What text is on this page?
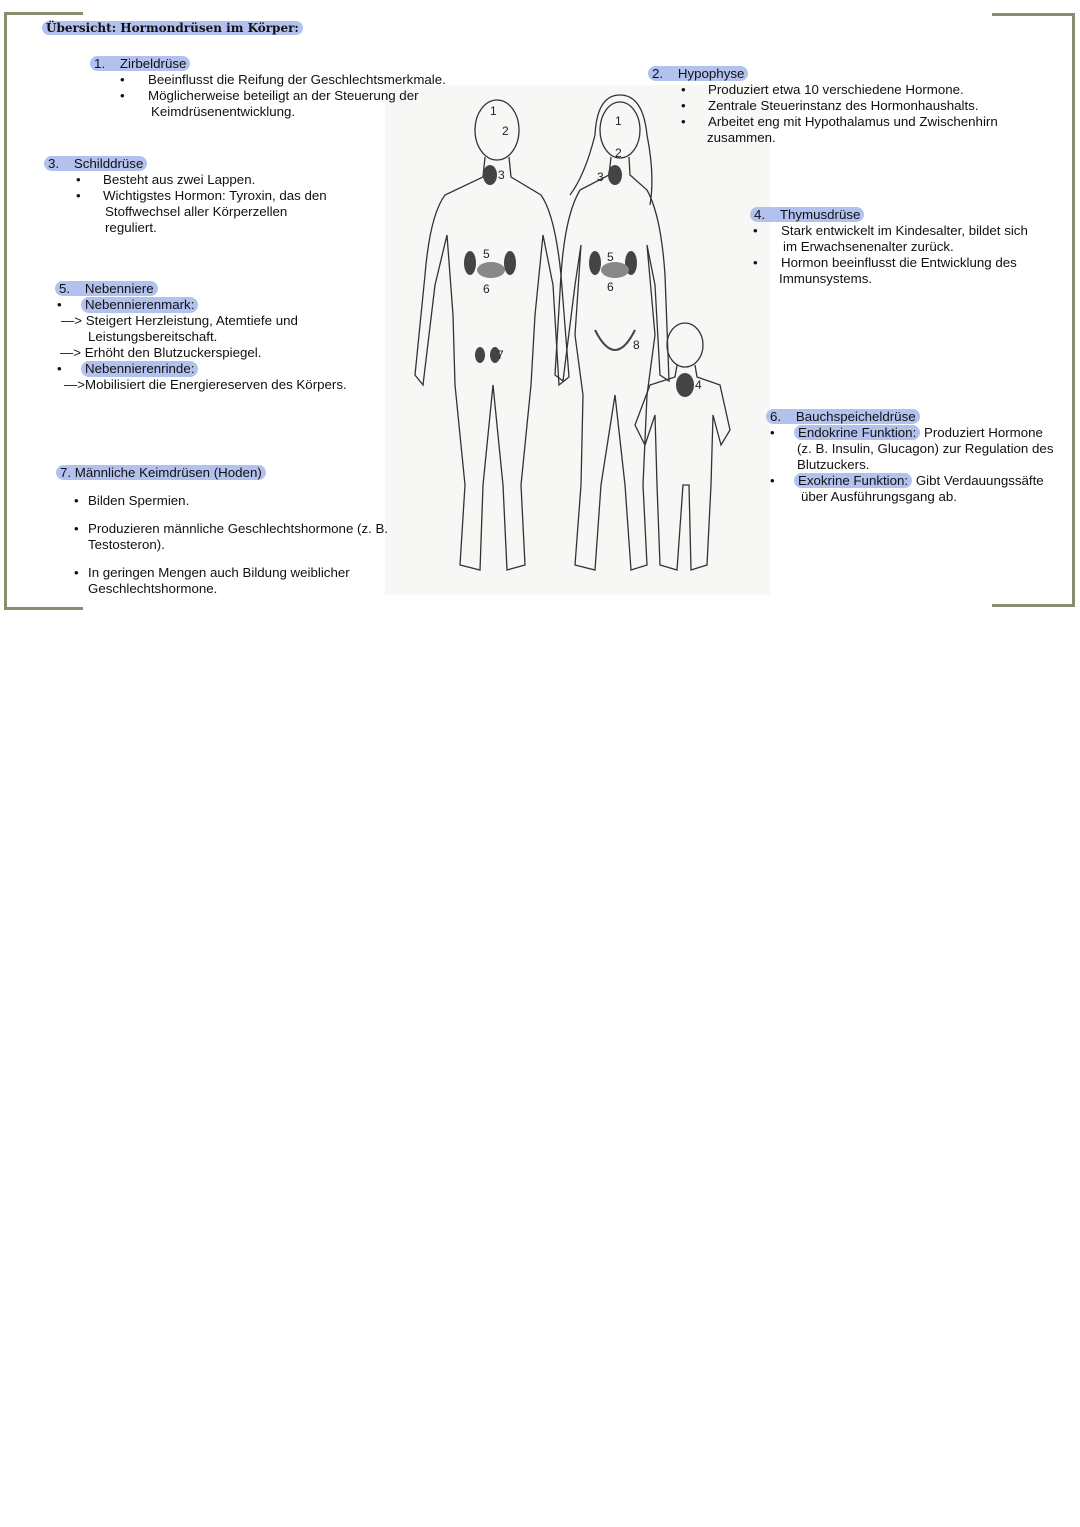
1
2
3
5
6
7
1
2
3
5
6
8
4
Übersicht: Hormondrüsen im Körper:
1. Zirbeldrüse
• Beeinflusst die Reifung der Geschlechtsmerkmale.
• Möglicherweise beteiligt an der Steuerung der
Keimdrüsenentwicklung.
2. Hypophyse
• Produziert etwa 10 verschiedene Hormone.
• Zentrale Steuerinstanz des Hormonhaushalts.
• Arbeitet eng mit Hypothalamus und Zwischenhirn
zusammen.
3. Schilddrüse
• Besteht aus zwei Lappen.
• Wichtigstes Hormon: Tyroxin, das den
Stoffwechsel aller Körperzellen
reguliert.
4. Thymusdrüse
• Stark entwickelt im Kindesalter, bildet sich
im Erwachsenenalter zurück.
• Hormon beeinflusst die Entwicklung des
Immunsystems.
5. Nebenniere
•	Nebennierenmark:
—> Steigert Herzleistung, Atemtiefe und
Leistungsbereitschaft.
—> Erhöht den Blutzuckerspiegel.
•	Nebennierenrinde:
—>Mobilisiert die Energiereserven des Körpers.
6. Bauchspeicheldrüse
•	Endokrine Funktion: Produziert Hormone
(z. B. Insulin, Glucagon) zur Regulation des
Blutzuckers.
•	Exokrine Funktion: Gibt Verdauungssäfte
über Ausführungsgang ab.
7. Männliche Keimdrüsen (Hoden)
• Bilden Spermien.
• Produzieren männliche Geschlechtshormone (z. B.
Testosteron).
• In geringen Mengen auch Bildung weiblicher
Geschlechtshormone.
